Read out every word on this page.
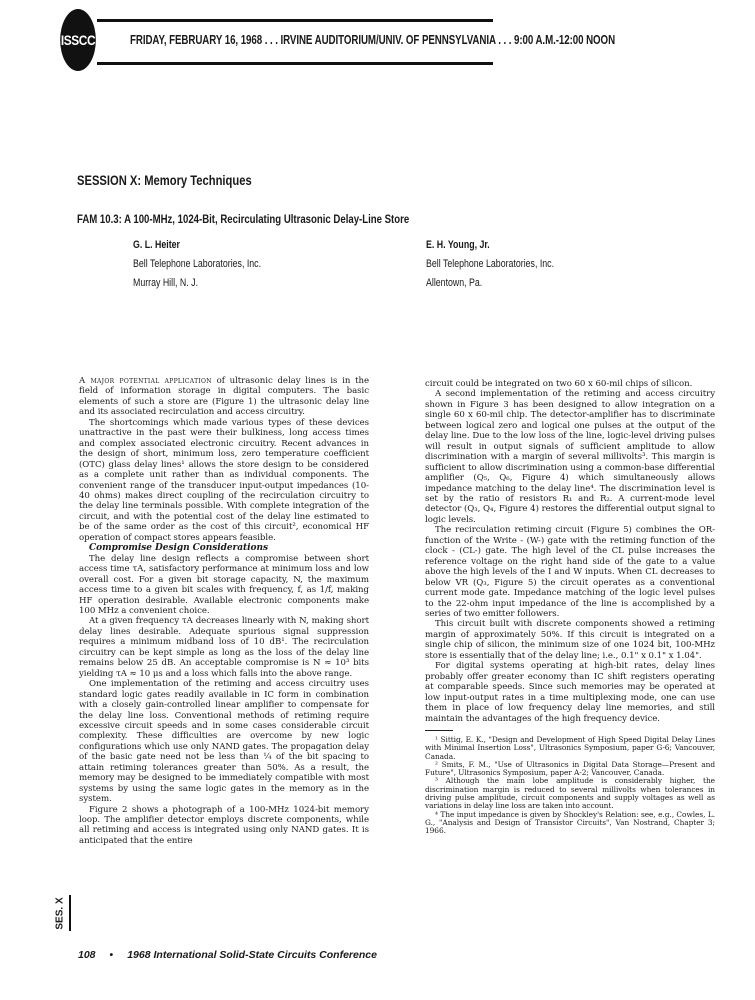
ISSCC	FRIDAY, FEBRUARY 16, 1968 . . . IRVINE AUDITORIUM/UNIV. OF PENNSYLVANIA . . . 9:00 A.M.-12:00 NOON
SESSION X: Memory Techniques
FAM 10.3: A 100-MHz, 1024-Bit, Recirculating Ultrasonic Delay-Line Store
G. L. Heiter
Bell Telephone Laboratories, Inc.
Murray Hill, N. J.
E. H. Young, Jr.
Bell Telephone Laboratories, Inc.
Allentown, Pa.

A major potential application of ultrasonic delay lines is in the field of information storage in digital computers. The basic elements of such a store are (Figure 1) the ultrasonic delay line and its associated recirculation and access circuitry.

The shortcomings which made various types of these devices unattractive in the past were their bulkiness, long access times and complex associated electronic circuitry. Recent advances in the design of short, minimum loss, zero temperature coefficient (OTC) glass delay lines¹ allows the store design to be considered as a complete unit rather than as individual components. The convenient range of the transducer input-output impedances (10-40 ohms) makes direct coupling of the recirculation circuitry to the delay line terminals possible. With complete integration of the circuit, and with the potential cost of the delay line estimated to be of the same order as the cost of this circuit², economical HF operation of compact stores appears feasible.

Compromise Design Considerations

The delay line design reflects a compromise between short access time τA, satisfactory performance at minimum loss and low overall cost. For a given bit storage capacity, N, the maximum access time to a given bit scales with frequency, f, as 1/f, making HF operation desirable. Available electronic components make 100 MHz a convenient choice.

At a given frequency τA decreases linearly with N, making short delay lines desirable. Adequate spurious signal suppression requires a minimum midband loss of 10 dB¹. The recirculation circuitry can be kept simple as long as the loss of the delay line remains below 25 dB. An acceptable compromise is N ≈ 10³ bits yielding τA ≈ 10 μs and a loss which falls into the above range.

One implementation of the retiming and access circuitry uses standard logic gates readily available in IC form in combination with a closely gain-controlled linear amplifier to compensate for the delay line loss. Conventional methods of retiming require excessive circuit speeds and in some cases considerable circuit complexity. These difficulties are overcome by new logic configurations which use only NAND gates. The propagation delay of the basic gate need not be less than ¼ of the bit spacing to attain retiming tolerances greater than 50%. As a result, the memory may be designed to be immediately compatible with most systems by using the same logic gates in the memory as in the system.

Figure 2 shows a photograph of a 100-MHz 1024-bit memory loop. The amplifier detector employs discrete components, while all retiming and access is integrated using only NAND gates. It is anticipated that the entire

circuit could be integrated on two 60 x 60-mil chips of silicon.

A second implementation of the retiming and access circuitry shown in Figure 3 has been designed to allow integration on a single 60 x 60-mil chip. The detector-amplifier has to discriminate between logical zero and logical one pulses at the output of the delay line. Due to the low loss of the line, logic-level driving pulses will result in output signals of sufficient amplitude to allow discrimination with a margin of several millivolts³. This margin is sufficient to allow discrimination using a common-base differential amplifier (Q₅, Q₆, Figure 4) which simultaneously allows impedance matching to the delay line⁴. The discrimination level is set by the ratio of resistors R₁ and R₂. A current-mode level detector (Q₃, Q₄, Figure 4) restores the differential output signal to logic levels.

The recirculation retiming circuit (Figure 5) combines the OR-function of the Write - (W-) gate with the retiming function of the clock - (CL-) gate. The high level of the CL pulse increases the reference voltage on the right hand side of the gate to a value above the high levels of the I and W inputs. When CL decreases to below VR (Q₃, Figure 5) the circuit operates as a conventional current mode gate. Impedance matching of the logic level pulses to the 22-ohm input impedance of the line is accomplished by a series of two emitter followers.

This circuit built with discrete components showed a retiming margin of approximately 50%. If this circuit is integrated on a single chip of silicon, the minimum size of one 1024 bit, 100-MHz store is essentially that of the delay line; i.e., 0.1" x 0.1" x 1.04".

For digital systems operating at high-bit rates, delay lines probably offer greater economy than IC shift registers operating at comparable speeds. Since such memories may be operated at low input-output rates in a time multiplexing mode, one can use them in place of low frequency delay line memories, and still maintain the advantages of the high frequency device.

¹ Sittig, E. K., "Design and Development of High Speed Digital Delay Lines with Minimal Insertion Loss", Ultrasonics Symposium, paper G-6; Vancouver, Canada.

² Smits, F. M., "Use of Ultrasonics in Digital Data Storage—Present and Future", Ultrasonics Symposium, paper A-2; Vancouver, Canada.

³ Although the main lobe amplitude is considerably higher, the discrimination margin is reduced to several millivolts when tolerances in driving pulse amplitude, circuit components and supply voltages as well as variations in delay line loss are taken into account.

⁴ The input impedance is given by Shockley's Relation: see, e.g., Cowles, L. G., "Analysis and Design of Transistor Circuits", Van Nostrand, Chapter 3; 1966.

SES. X
108 • 1968 International Solid-State Circuits Conference
